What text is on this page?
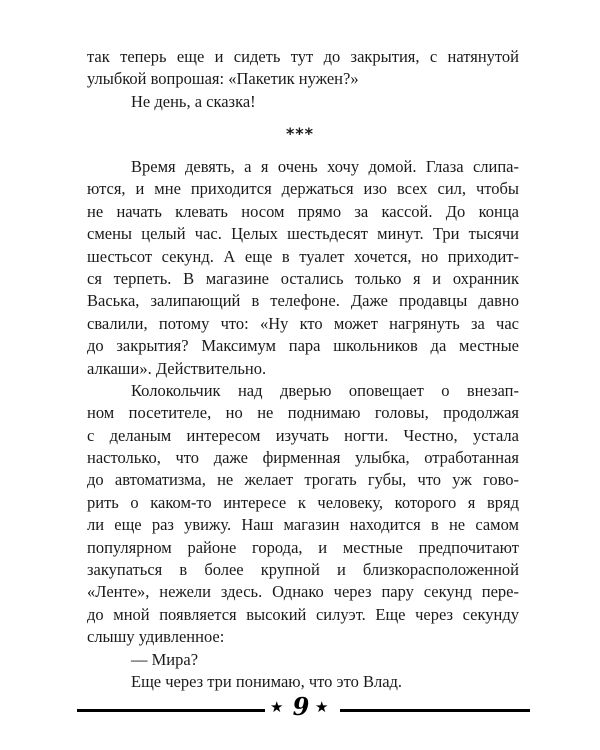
так теперь еще и сидеть тут до закрытия, с натянутой
улыбкой вопрошая: «Пакетик нужен?»
Не день, а сказка!
***
Время девять, а я очень хочу домой. Глаза слипа-
ются, и мне приходится держаться изо всех сил, чтобы
не начать клевать носом прямо за кассой. До конца
смены целый час. Целых шестьдесят минут. Три тысячи
шестьсот секунд. А еще в туалет хочется, но приходит-
ся терпеть. В магазине остались только я и охранник
Васька, залипающий в телефоне. Даже продавцы давно
свалили, потому что: «Ну кто может нагрянуть за час
до закрытия? Максимум пара школьников да местные
алкаши». Действительно.
Колокольчик над дверью оповещает о внезап-
ном посетителе, но не поднимаю головы, продолжая
с деланым интересом изучать ногти. Честно, устала
настолько, что даже фирменная улыбка, отработанная
до автоматизма, не желает трогать губы, что уж гово-
рить о каком-то интересе к человеку, которого я вряд
ли еще раз увижу. Наш магазин находится в не самом
популярном районе города, и местные предпочитают
закупаться в более крупной и близкорасположенной
«Ленте», нежели здесь. Однако через пару секунд пере-
до мной появляется высокий силуэт. Еще через секунду
слышу удивленное:
— Мира?
Еще через три понимаю, что это Влад.
★ 9 ★
